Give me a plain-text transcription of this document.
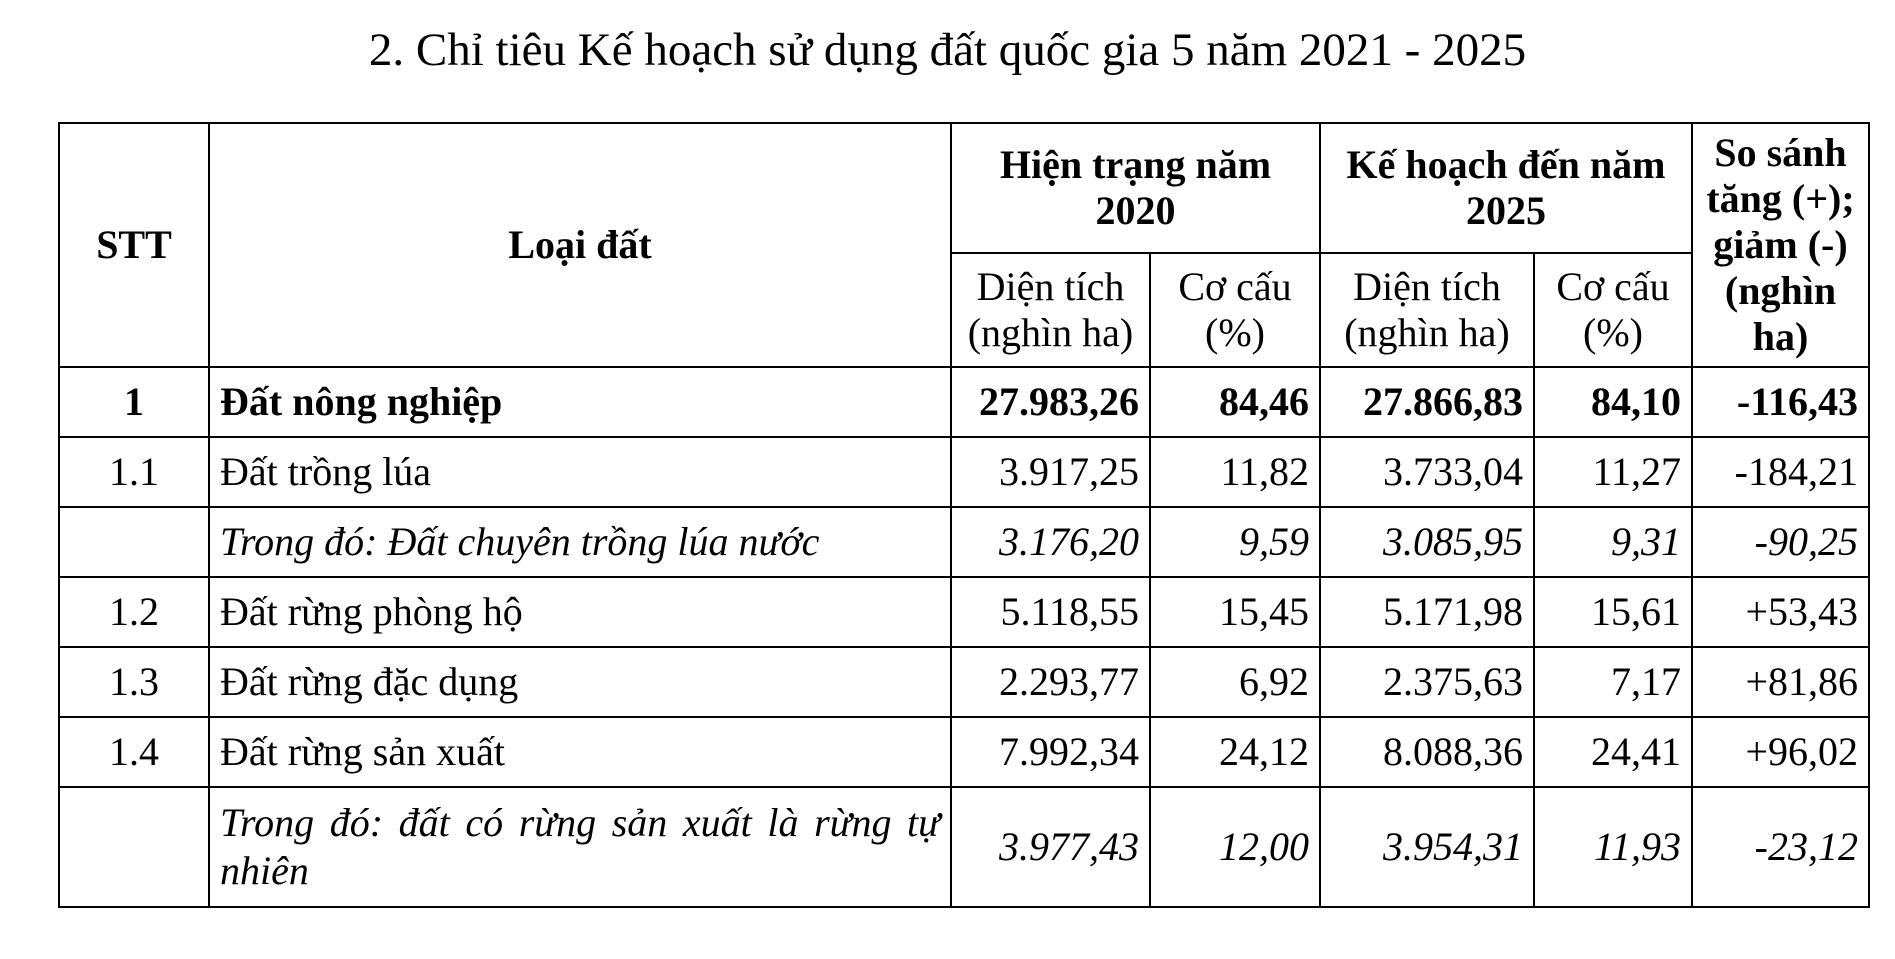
2. Chỉ tiêu Kế hoạch sử dụng đất quốc gia 5 năm 2021 - 2025
STT	Loại đất	Hiện trạng năm 2020		Kế hoạch đến năm 2025		So sánh tăng (+); giảm (-) (nghìn ha)
		Diện tích (nghìn ha)	Cơ cấu (%)	Diện tích (nghìn ha)	Cơ cấu (%)	
1	Đất nông nghiệp	27.983,26	84,46	27.866,83	84,10	-116,43
1.1	Đất trồng lúa	3.917,25	11,82	3.733,04	11,27	-184,21
	Trong đó: Đất chuyên trồng lúa nước	3.176,20	9,59	3.085,95	9,31	-90,25
1.2	Đất rừng phòng hộ	5.118,55	15,45	5.171,98	15,61	+53,43
1.3	Đất rừng đặc dụng	2.293,77	6,92	2.375,63	7,17	+81,86
1.4	Đất rừng sản xuất	7.992,34	24,12	8.088,36	24,41	+96,02
	Trong đó: đất có rừng sản xuất là rừng tự nhiên	3.977,43	12,00	3.954,31	11,93	-23,12
